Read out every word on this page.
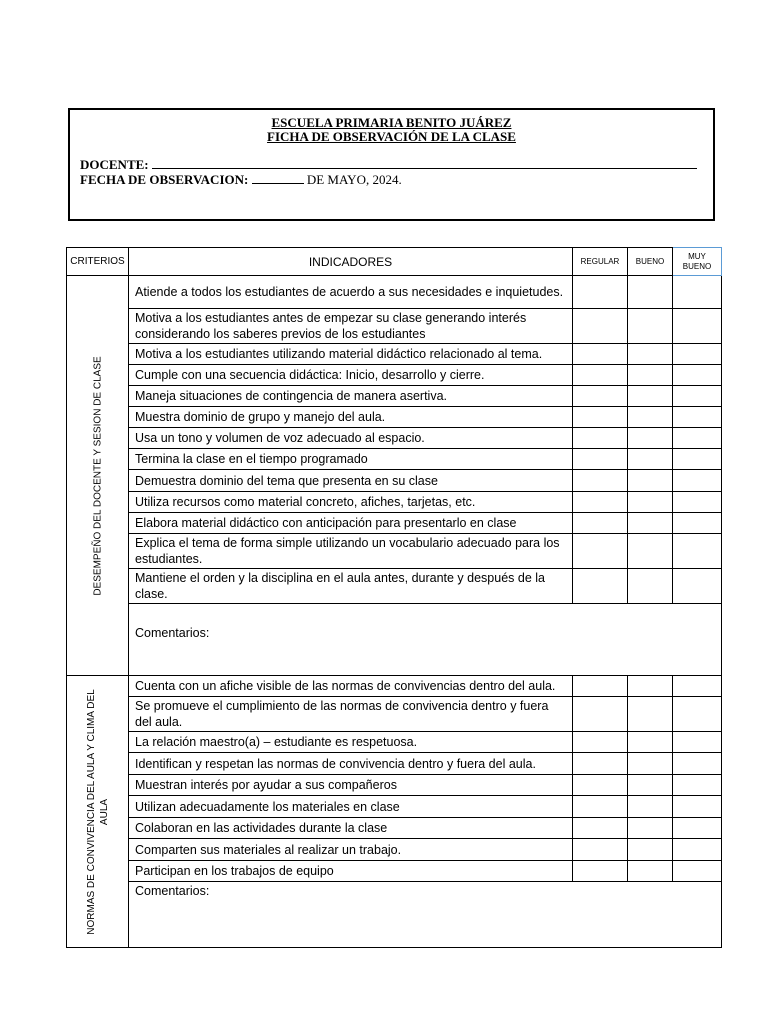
ESCUELA PRIMARIA BENITO JUÁREZ
FICHA DE OBSERVACIÓN DE LA CLASE
DOCENTE:
FECHA DE OBSERVACION:	DE MAYO, 2024.
CRITERIOS	INDICADORES	REGULAR	BUENO	MUY BUENO

DESEMPEÑO DEL DOCENTE Y SESION DE CLASE	Atiende a todos los estudiantes de acuerdo a sus necesidades e inquietudes.			
	Motiva a los estudiantes antes de empezar su clase generando interés considerando los saberes previos de los estudiantes			
	Motiva a los estudiantes utilizando material didáctico relacionado al tema.			
	Cumple con una secuencia didáctica: Inicio, desarrollo y cierre.			
	Maneja situaciones de contingencia de manera asertiva.			
	Muestra dominio de grupo y manejo del aula.			
	Usa un tono y volumen de voz adecuado al espacio.			
	Termina la clase en el tiempo programado			
	Demuestra dominio del tema que presenta en su clase			
	Utiliza recursos como material concreto, afiches, tarjetas, etc.			
	Elabora material didáctico con anticipación para presentarlo en clase			
	Explica el tema de forma simple utilizando un vocabulario adecuado para los estudiantes.			
	Mantiene el orden y la disciplina en el aula antes, durante y después de la clase.			
	Comentarios:			

NORMAS DE CONVIVENCIA DEL AULA Y CLIMA DEL AULA	Cuenta con un afiche visible de las normas de convivencias dentro del aula.			
	Se promueve el cumplimiento de las normas de convivencia dentro y fuera del aula.			
	La relación maestro(a) – estudiante es respetuosa.			
	Identifican y respetan las normas de convivencia dentro y fuera del aula.			
	Muestran interés por ayudar a sus compañeros			
	Utilizan adecuadamente los materiales en clase			
	Colaboran en las actividades durante la clase			
	Comparten sus materiales al realizar un trabajo.			
	Participan en los trabajos de equipo			
	Comentarios:			
